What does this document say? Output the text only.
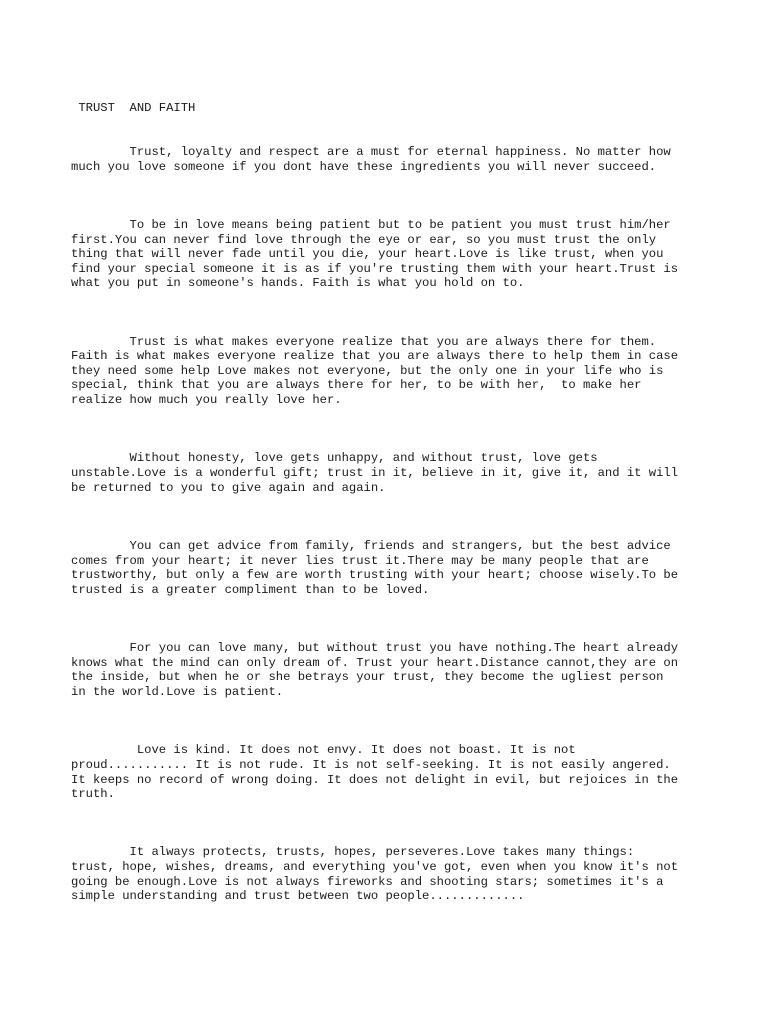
TRUST  AND FAITH

Trust, loyalty and respect are a must for eternal happiness. No matter how
much you love someone if you dont have these ingredients you will never succeed.

To be in love means being patient but to be patient you must trust him/her
first.You can never find love through the eye or ear, so you must trust the only
thing that will never fade until you die, your heart.Love is like trust, when you
find your special someone it is as if you're trusting them with your heart.Trust is
what you put in someone's hands. Faith is what you hold on to.

Trust is what makes everyone realize that you are always there for them.
Faith is what makes everyone realize that you are always there to help them in case
they need some help Love makes not everyone, but the only one in your life who is
special, think that you are always there for her, to be with her,  to make her
realize how much you really love her.

Without honesty, love gets unhappy, and without trust, love gets
unstable.Love is a wonderful gift; trust in it, believe in it, give it, and it will
be returned to you to give again and again.

You can get advice from family, friends and strangers, but the best advice
comes from your heart; it never lies trust it.There may be many people that are
trustworthy, but only a few are worth trusting with your heart; choose wisely.To be
trusted is a greater compliment than to be loved.

For you can love many, but without trust you have nothing.The heart already
knows what the mind can only dream of. Trust your heart.Distance cannot,they are on
the inside, but when he or she betrays your trust, they become the ugliest person
in the world.Love is patient.

Love is kind. It does not envy. It does not boast. It is not
proud........... It is not rude. It is not self-seeking. It is not easily angered.
It keeps no record of wrong doing. It does not delight in evil, but rejoices in the
truth.

It always protects, trusts, hopes, perseveres.Love takes many things:
trust, hope, wishes, dreams, and everything you've got, even when you know it's not
going be enough.Love is not always fireworks and shooting stars; sometimes it's a
simple understanding and trust between two people.............
